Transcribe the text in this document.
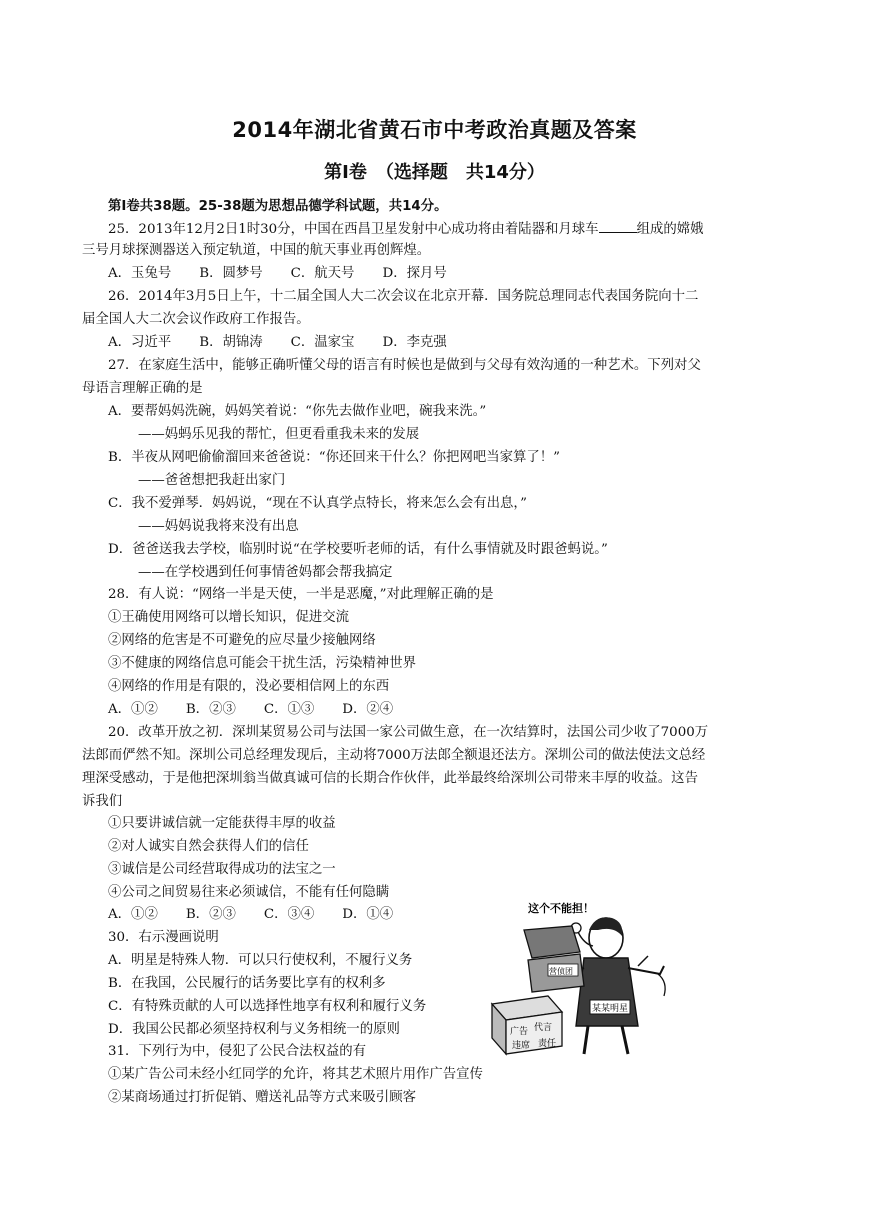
2014年湖北省黄石市中考政治真题及答案
第Ⅰ卷　（选择题　共14分）
第Ⅰ卷共38题。25-38题为思想品德学科试题，共14分。
25．2013年12月2日1时30分，中国在西昌卫星发射中心成功将由着陆器和月球车	组成的嫦娥
三号月球探测器送入预定轨道，中国的航天事业再创辉煌。
A．玉兔号 B．圆梦号 C．航天号 D．探月号
26．2014年3月5日上午，十二届全国人大二次会议在北京开幕．国务院总理同志代表国务院向十二
届全国人大二次会议作政府工作报告。
A．习近平 B．胡锦涛 C．温家宝 D．李克强
27．在家庭生活中，能够正确听懂父母的语言有时候也是做到与父母有效沟通的一种艺术。下列对父
母语言理解正确的是
A．要帮妈妈洗碗，妈妈笑着说：“你先去做作业吧，碗我来洗。”
——妈蚂乐见我的帮忙，但更看重我未来的发展
B．半夜从网吧偷偷溜回来爸爸说：“你还回来干什么？你把网吧当家算了！”
——爸爸想把我赶出家门
C．我不爱弹琴．妈妈说，“现在不认真学点特长，将来怎么会有出息，”
——妈妈说我将来没有出息
D．爸爸送我去学校，临别时说“在学校要听老师的话，有什么事情就及时跟爸蚂说。”
——在学校遇到任何事情爸妈都会帮我搞定
28．有人说：“网络一半是天使，一半是恶魔，”对此理解正确的是
①王确使用网络可以增长知识，促进交流
②网络的危害是不可避免的应尽量少接触网络
③不健康的网络信息可能会干扰生活，污染精神世界
④网络的作用是有限的，没必要相信网上的东西
A．①② B．②③ C．①③ D．②④
20．改革开放之初．深圳某贸易公司与法国一家公司做生意，在一次结算时，法国公司少收了7000万
法郎而俨然不知。深圳公司总经理发现后，主动将7000万法郎全额退还法方。深圳公司的做法使法文总经
理深受感动，于是他把深圳翁当做真诚可信的长期合作伙伴，此举最终给深圳公司带来丰厚的收益。这告
诉我们
①只要讲诚信就一定能获得丰厚的收益
②对人诚实自然会获得人们的信任
③诚信是公司经营取得成功的法宝之一
④公司之间贸易往来必须诚信，不能有任何隐瞒
A．①② B．②③ C．③④ D．①④
30．右示漫画说明
A．明星是特殊人物．可以只行使权利，不履行义务
B．在我国，公民履行的话务要比享有的权利多
C．有特殊贡献的人可以选择性地享有权利和履行义务
D．我国公民都必须坚持权利与义务相统一的原则
这个不能担！
某某明星
营侦团
广告 代言
违席 责任
31．下列行为中，侵犯了公民合法权益的有
①某广告公司未经小红同学的允许，将其艺术照片用作广告宣传
②某商场通过打折促销、赠送礼品等方式来吸引顾客
